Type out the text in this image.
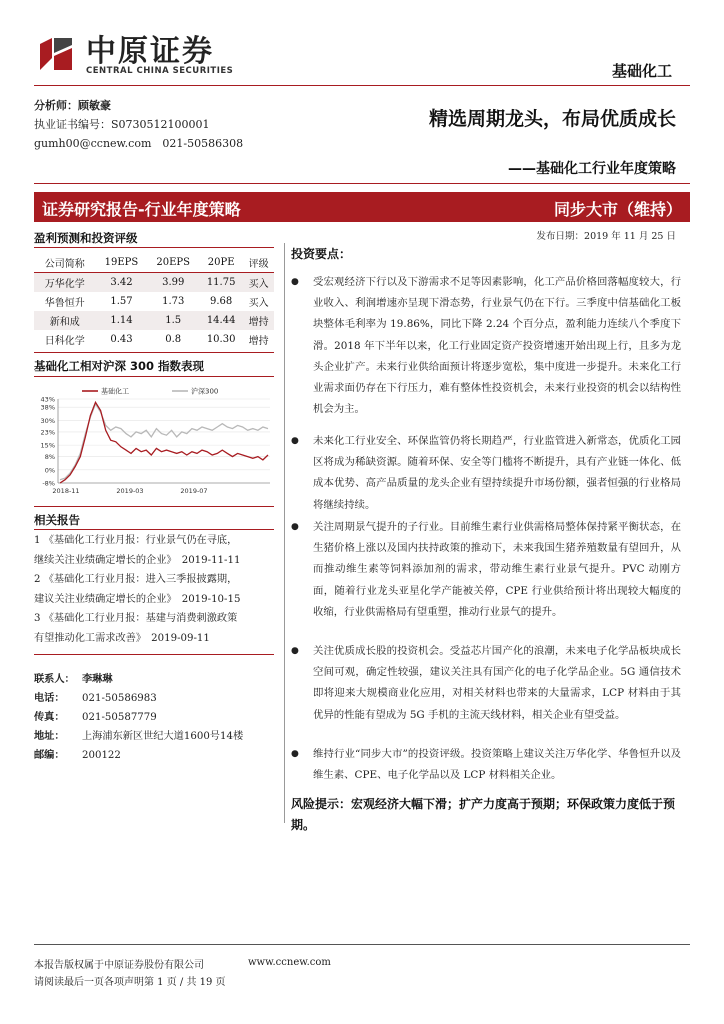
中原证券
CENTRAL CHINA SECURITIES	基础化工
分析师：顾敏豪
执业证书编号：S0730512100001
gumh00@ccnew.com　021-50586308
精选周期龙头，布局优质成长
——基础化工行业年度策略
证券研究报告-行业年度策略	同步大市（维持）
发布日期：2019 年 11 月 25 日
盈利预测和投资评级
公司简称	19EPS	20EPS	20PE	评级
万华化学	3.42	3.99	11.75	买入
华鲁恒升	1.57	1.73	9.68	买入
新和成	1.14	1.5	14.44	增持
日科化学	0.43	0.8	10.30	增持
基础化工相对沪深 300 指数表现
-8%
0%
8%
15%
23%
30%
38%
43%
2018-11	2019-03	2019-07
基础化工	沪深300
相关报告
1 《基础化工行业月报：行业景气仍在寻底，
继续关注业绩确定增长的企业》　2019-11-11
2 《基础化工行业月报：进入三季报披露期，
建议关注业绩确定增长的企业》　2019-10-15
3 《基础化工行业月报：基建与消费刺激政策
有望推动化工需求改善》　2019-09-11
联系人： 李琳琳
电话： 021-50586983
传真： 021-50587779
地址： 上海浦东新区世纪大道1600号14楼
邮编： 200122
投资要点：
● 受宏观经济下行以及下游需求不足等因素影响，化工产品价格回落幅度较大，行业收入、利润增速亦呈现下滑态势，行业景气仍在下行。三季度中信基础化工板块整体毛利率为 19.86%，同比下降 2.24 个百分点，盈利能力连续八个季度下滑。2018 年下半年以来，化工行业固定资产投资增速开始出现上行，且多为龙头企业扩产。未来行业供给面预计将逐步宽松，集中度进一步提升。未来化工行业需求面仍存在下行压力，难有整体性投资机会，未来行业投资的机会以结构性机会为主。
● 未来化工行业安全、环保监管仍将长期趋严，行业监管进入新常态，优质化工园区将成为稀缺资源。随着环保、安全等门槛将不断提升，具有产业链一体化、低成本优势、高产品质量的龙头企业有望持续提升市场份额，强者恒强的行业格局将继续持续。
● 关注周期景气提升的子行业。目前维生素行业供需格局整体保持紧平衡状态，在生猪价格上涨以及国内扶持政策的推动下，未来我国生猪养殖数量有望回升，从而推动维生素等饲料添加剂的需求，带动维生素行业景气提升。PVC 动刚方面，随着行业龙头亚星化学产能被关停，CPE 行业供给预计将出现较大幅度的收缩，行业供需格局有望重塑，推动行业景气的提升。
● 关注优质成长股的投资机会。受益芯片国产化的浪潮，未来电子化学品板块成长空间可观，确定性较强，建议关注具有国产化的电子化学品企业。5G 通信技术即将迎来大规模商业化应用，对相关材料也带来的大量需求，LCP 材料由于其优异的性能有望成为 5G 手机的主流天线材料，相关企业有望受益。
● 维持行业“同步大市”的投资评级。投资策略上建议关注万华化学、华鲁恒升以及维生素、CPE、电子化学品以及 LCP 材料相关企业。
风险提示：宏观经济大幅下滑；扩产力度高于预期；环保政策力度低于预期。
本报告版权属于中原证券股份有限公司
请阅读最后一页各项声明第 1 页 / 共 19 页
www.ccnew.com
